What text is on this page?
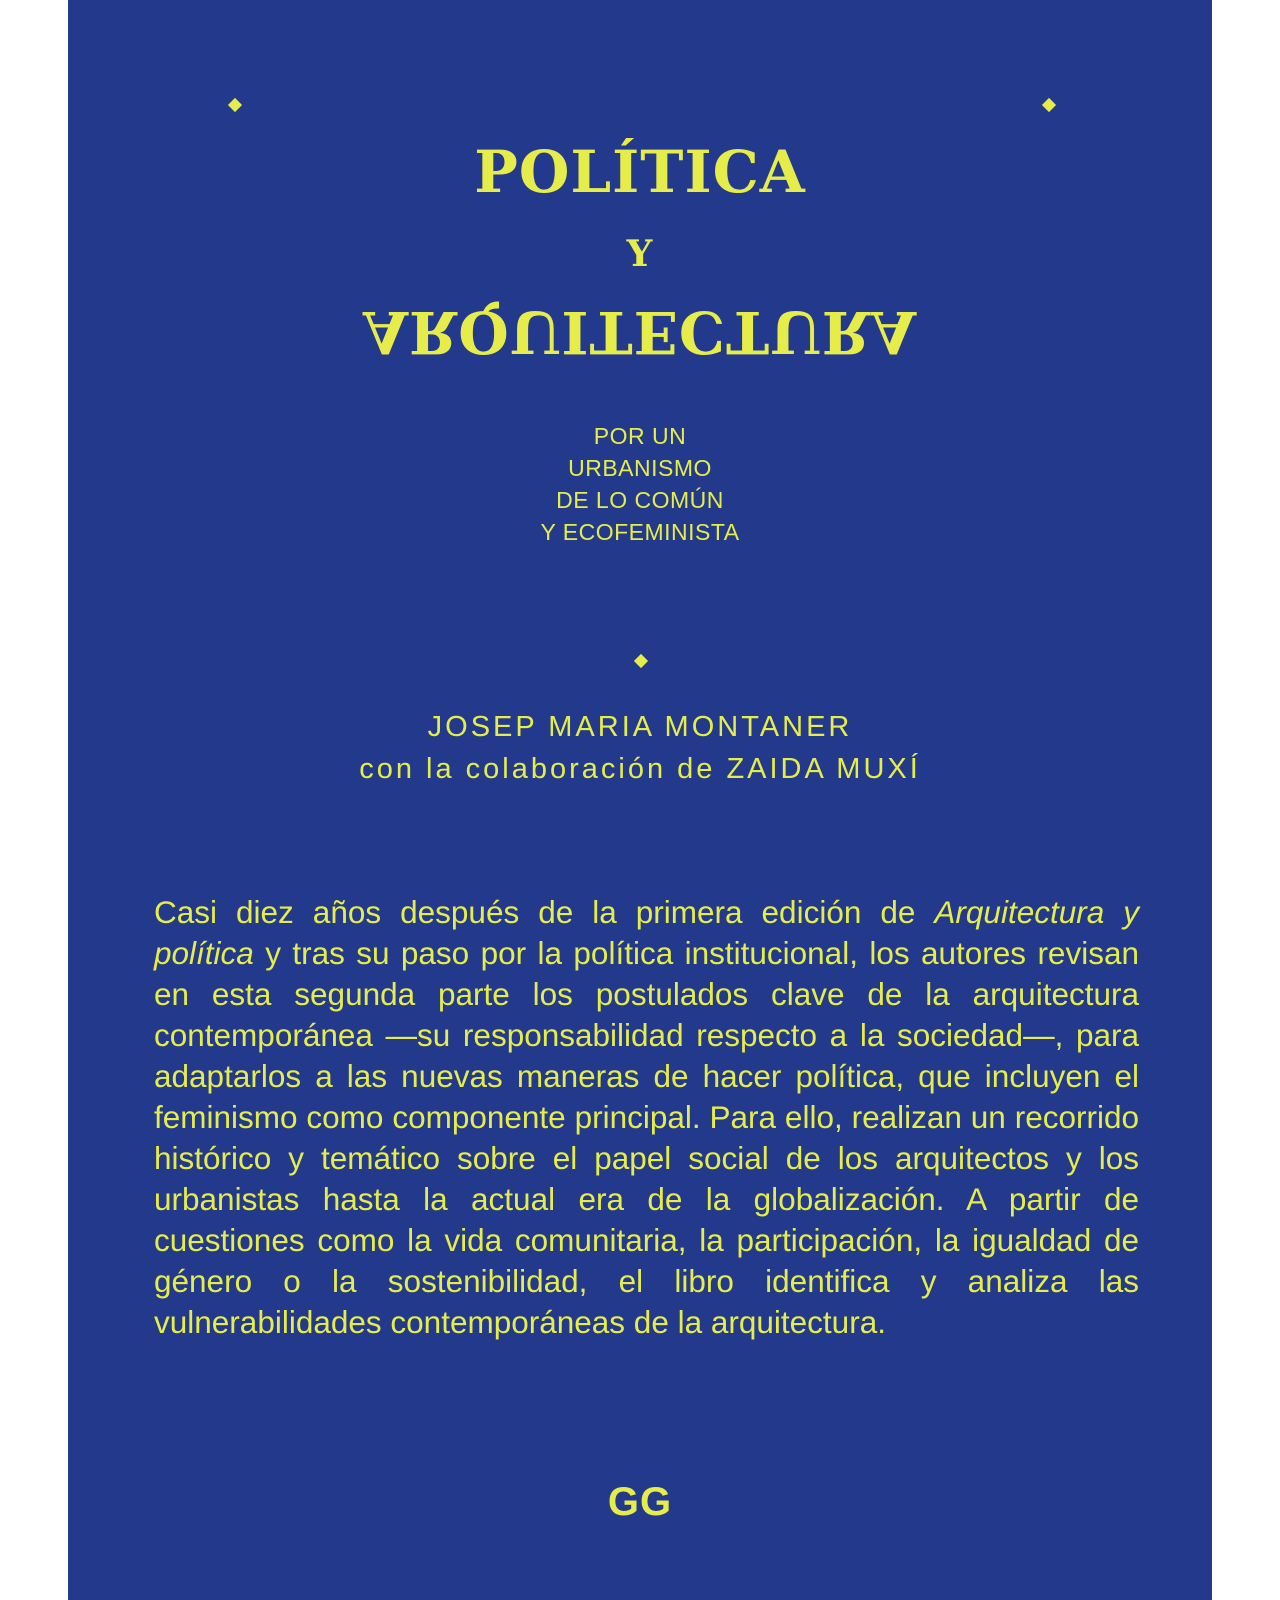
POLÍTICA
Y
ARQUITECTURA
POR UN
URBANISMO
DE LO COMÚN
Y ECOFEMINISTA
JOSEP MARIA MONTANER
con la colaboración de ZAIDA MUXÍ

Casi diez años después de la primera edición de Arquitectura y política y tras su paso por la política institucional, los autores revisan en esta segunda parte los postulados clave de la arquitectura contemporánea —su responsabilidad respecto a la sociedad—, para adaptarlos a las nuevas maneras de hacer política, que incluyen el feminismo como componente principal. Para ello, realizan un recorrido histórico y temático sobre el papel social de los arquitectos y los urbanistas hasta la actual era de la globalización. A partir de cuestiones como la vida comunitaria, la participación, la igualdad de género o la sostenibilidad, el libro identifica y analiza las vulnerabilidades contemporáneas de la arquitectura.

GG
